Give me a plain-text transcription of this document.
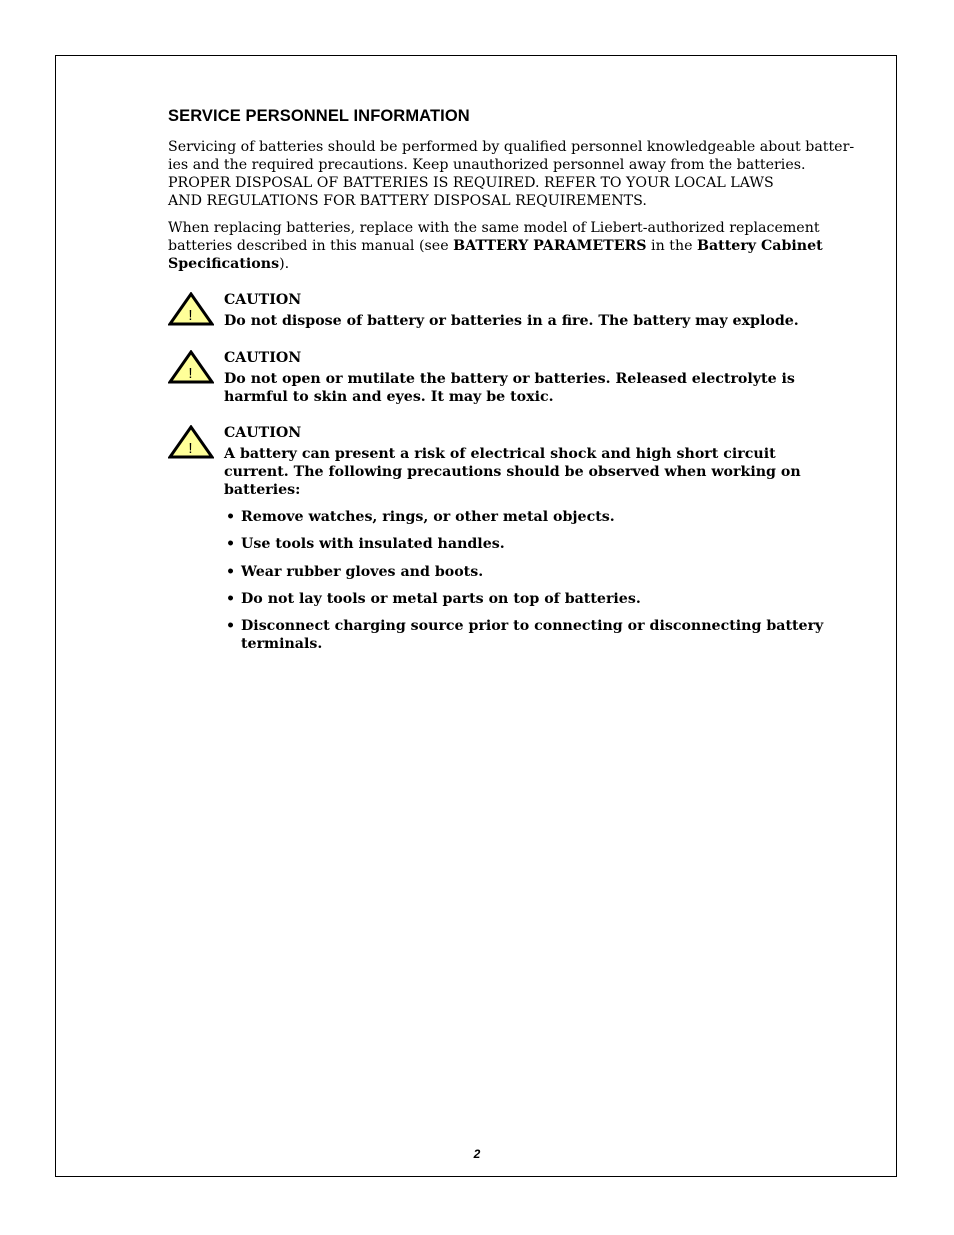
SERVICE PERSONNEL INFORMATION
Servicing of batteries should be performed by qualified personnel knowledgeable about batter-
ies and the required precautions. Keep unauthorized personnel away from the batteries.
PROPER DISPOSAL OF BATTERIES IS REQUIRED. REFER TO YOUR LOCAL LAWS
AND REGULATIONS FOR BATTERY DISPOSAL REQUIREMENTS.
When replacing batteries, replace with the same model of Liebert-authorized replacement
batteries described in this manual (see BATTERY PARAMETERS in the Battery Cabinet
Specifications).
!
CAUTION
Do not dispose of battery or batteries in a fire. The battery may explode.
!
CAUTION
Do not open or mutilate the battery or batteries. Released electrolyte is
harmful to skin and eyes. It may be toxic.
!
CAUTION
A battery can present a risk of electrical shock and high short circuit
current. The following precautions should be observed when working on
batteries:
• Remove watches, rings, or other metal objects.
• Use tools with insulated handles.
• Wear rubber gloves and boots.
• Do not lay tools or metal parts on top of batteries.
• Disconnect charging source prior to connecting or disconnecting battery
terminals.
2
